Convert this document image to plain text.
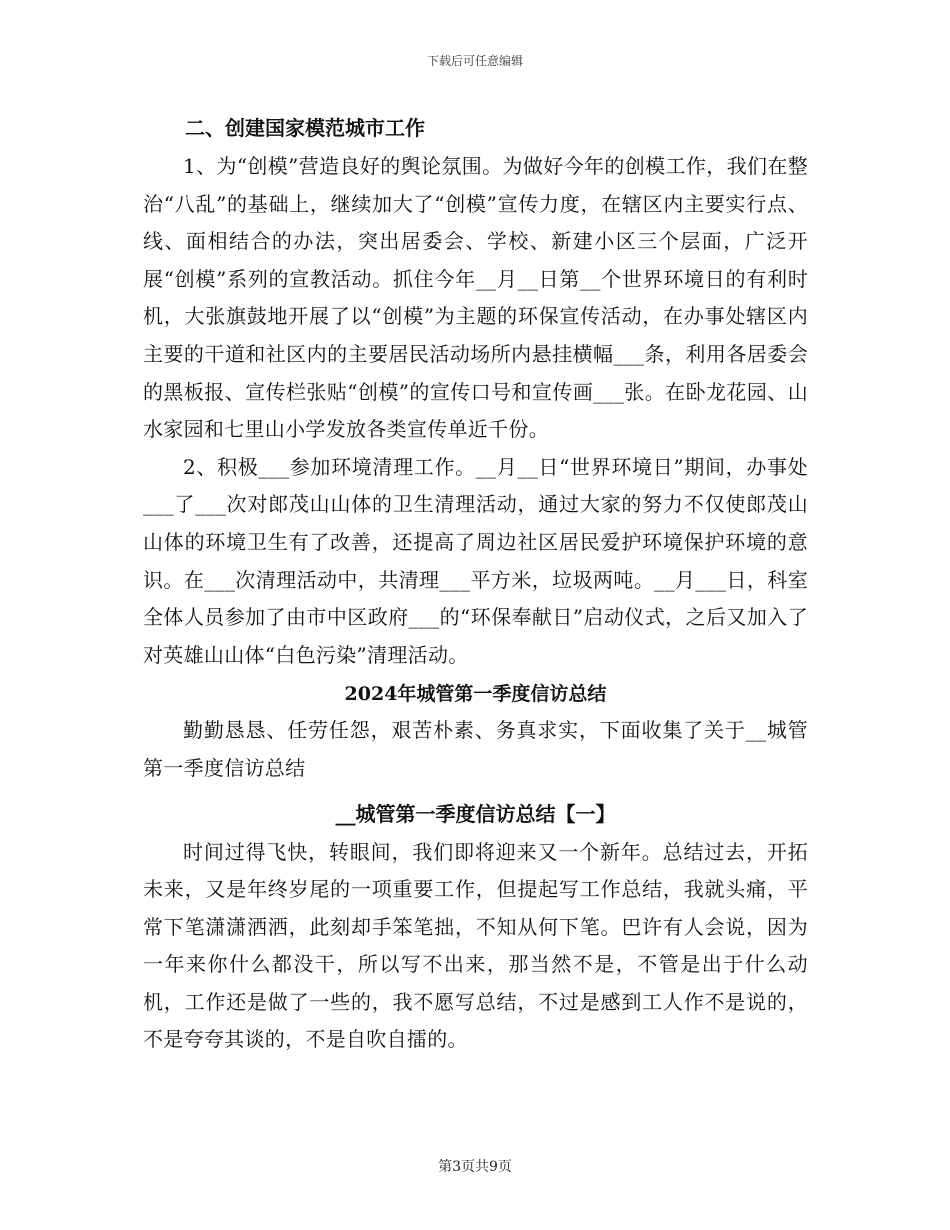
下载后可任意编辑
二、创建国家模范城市工作

1、为“创模”营造良好的舆论氛围。为做好今年的创模工作，我们在整治“八乱”的基础上，继续加大了“创模”宣传力度，在辖区内主要实行点、线、面相结合的办法，突出居委会、学校、新建小区三个层面，广泛开展“创模”系列的宣教活动。抓住今年__月__日第__个世界环境日的有利时机，大张旗鼓地开展了以“创模”为主题的环保宣传活动，在办事处辖区内主要的干道和社区内的主要居民活动场所内悬挂横幅___条，利用各居委会的黑板报、宣传栏张贴“创模”的宣传口号和宣传画___张。在卧龙花园、山水家园和七里山小学发放各类宣传单近千份。

2、积极___参加环境清理工作。__月__日“世界环境日”期间，办事处___了___次对郎茂山山体的卫生清理活动，通过大家的努力不仅使郎茂山山体的环境卫生有了改善，还提高了周边社区居民爱护环境保护环境的意识。在___次清理活动中，共清理___平方米，垃圾两吨。__月___日，科室全体人员参加了由市中区政府___的“环保奉献日”启动仪式，之后又加入了对英雄山山体“白色污染”清理活动。

2024年城管第一季度信访总结

勤勤恳恳、任劳任怨，艰苦朴素、务真求实，下面收集了关于__城管第一季度信访总结

__城管第一季度信访总结【一】

时间过得飞快，转眼间，我们即将迎来又一个新年。总结过去，开拓未来，又是年终岁尾的一项重要工作，但提起写工作总结，我就头痛，平常下笔潇潇洒洒，此刻却手笨笔拙，不知从何下笔。巴许有人会说，因为一年来你什么都没干，所以写不出来，那当然不是，不管是出于什么动机，工作还是做了一些的，我不愿写总结，不过是感到工人作不是说的，不是夸夸其谈的，不是自吹自擂的。

第3页共9页
